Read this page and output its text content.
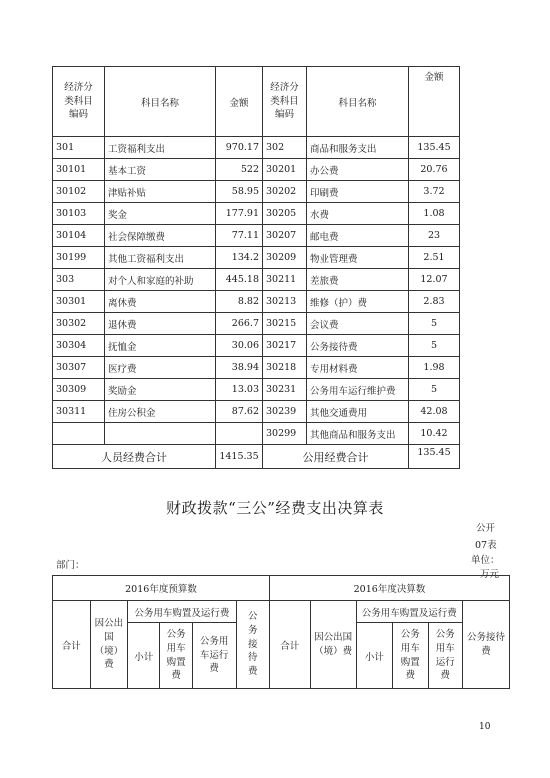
经济分类科目编码	科目名称	金额	经济分类科目编码	科目名称	金额
301	工资福利支出	970.17	302	商品和服务支出	135.45
30101	基本工资	522	30201	办公费	20.76
30102	津贴补贴	58.95	30202	印刷费	3.72
30103	奖金	177.91	30205	水费	1.08
30104	社会保障缴费	77.11	30207	邮电费	23
30199	其他工资福利支出	134.2	30209	物业管理费	2.51
303	对个人和家庭的补助	445.18	30211	差旅费	12.07
30301	离休费	8.82	30213	维修（护）费	2.83
30302	退休费	266.7	30215	会议费	5
30304	抚恤金	30.06	30217	公务接待费	5
30307	医疗费	38.94	30218	专用材料费	1.98
30309	奖励金	13.03	30231	公务用车运行维护费	5
30311	住房公积金	87.62	30239	其他交通费用	42.08
			30299	其他商品和服务支出	10.42
人员经费合计		1415.35	公用经费合计		135.45
财政拨款“三公”经费支出决算表
公开
07表
单位：
部门：
万元
2016年度预算数						2016年度决算数					
合计	因公出国（境）费	公务用车购置及运行费			公务接待费	合计	因公出国（境）费	公务用车购置及运行费			公务接待费
		小计	公务用车购置费	公务用车运行费				小计	公务用车购置费	公务用车运行费	
10
